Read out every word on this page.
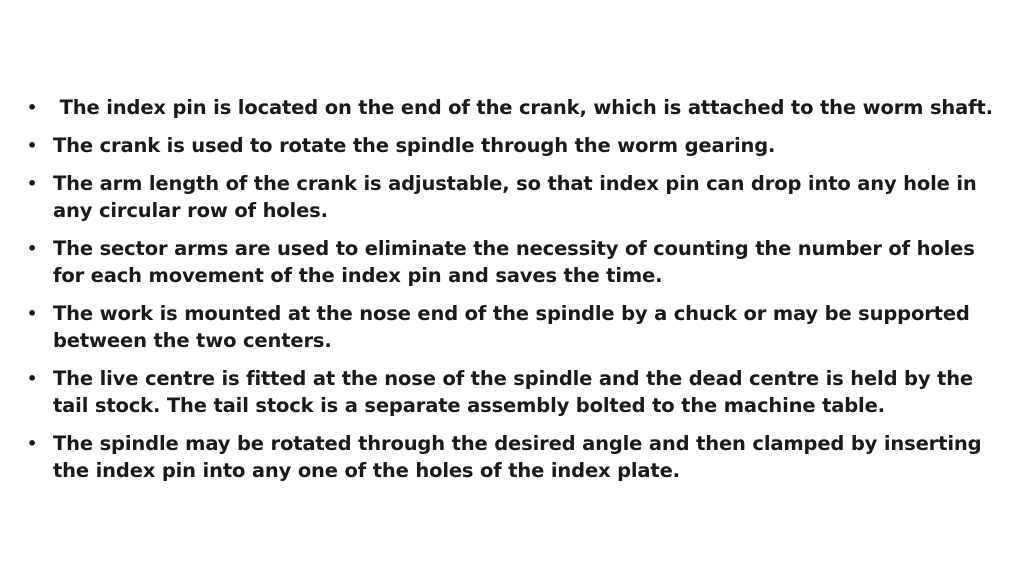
• The index pin is located on the end of the crank, which is attached to the worm shaft.
• The crank is used to rotate the spindle through the worm gearing.
• The arm length of the crank is adjustable, so that index pin can drop into any hole in any circular row of holes.
• The sector arms are used to eliminate the necessity of counting the number of holes for each movement of the index pin and saves the time.
• The work is mounted at the nose end of the spindle by a chuck or may be supported between the two centers.
• The live centre is fitted at the nose of the spindle and the dead centre is held by the tail stock. The tail stock is a separate assembly bolted to the machine table.
• The spindle may be rotated through the desired angle and then clamped by inserting the index pin into any one of the holes of the index plate.
